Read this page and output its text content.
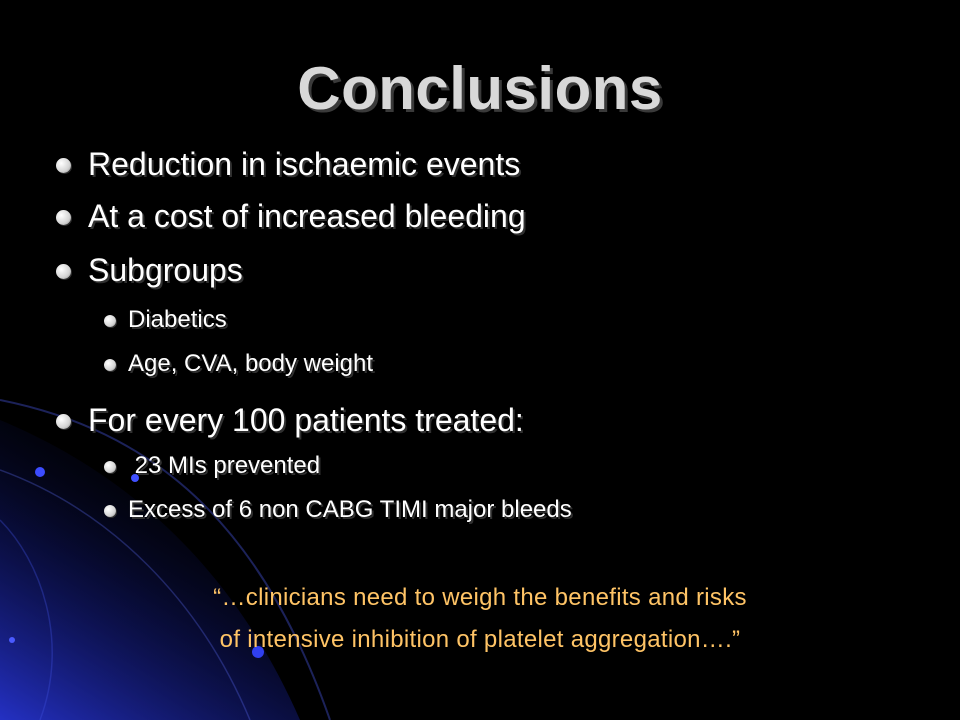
Conclusions
Reduction in ischaemic events
At a cost of increased bleeding
Subgroups
Diabetics
Age, CVA, body weight
For every 100 patients treated:
23 MIs prevented
Excess of 6 non CABG TIMI major bleeds
“…clinicians need to weigh the benefits and risks
of intensive inhibition of platelet aggregation….”
